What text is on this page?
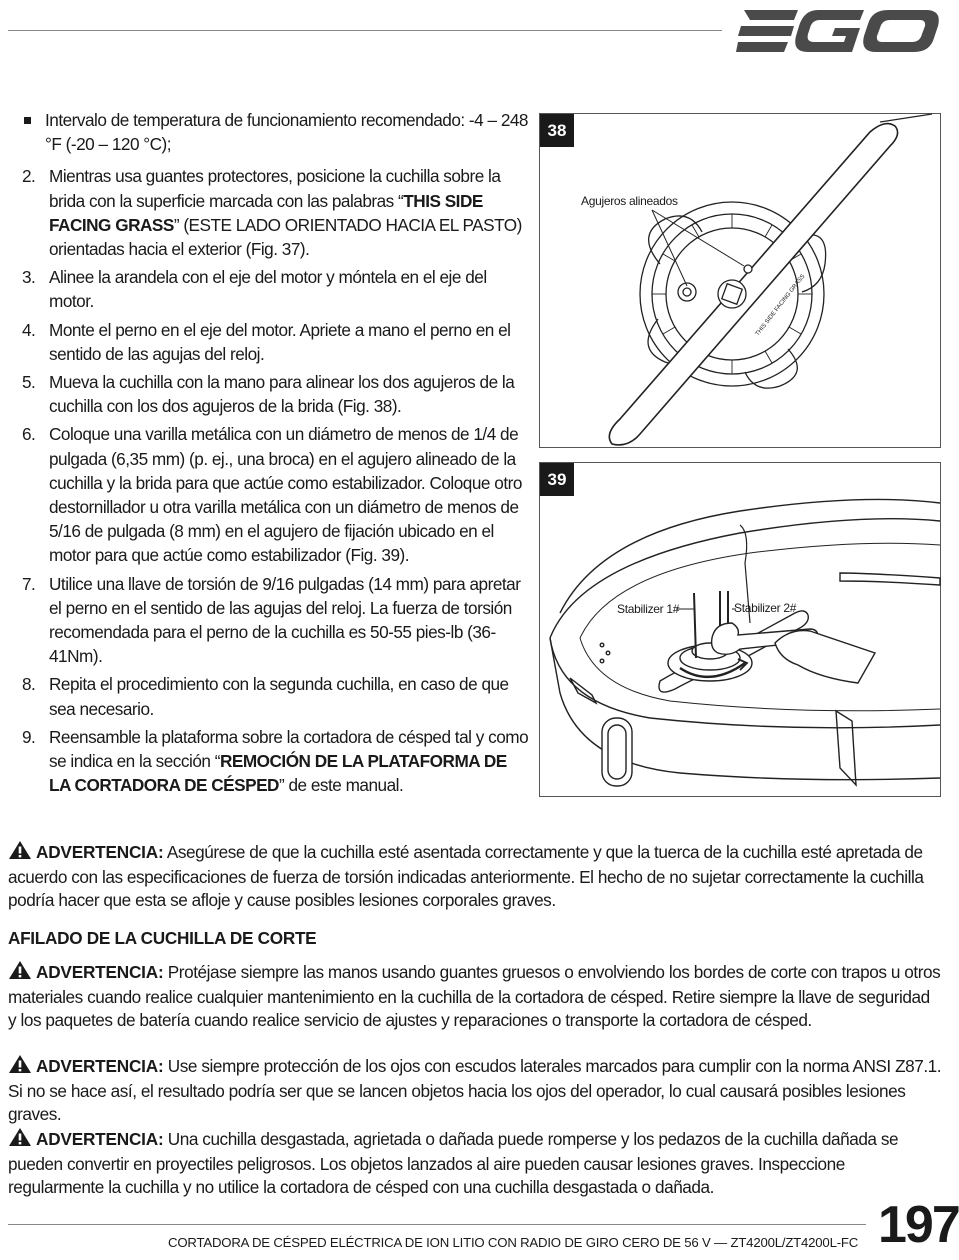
Intervalo de temperatura de funcionamiento recomendado: -4 – 248 °F (-20 – 120 °C);
2. Mientras usa guantes protectores, posicione la cuchilla sobre la brida con la superficie marcada con las palabras “THIS SIDE FACING GRASS” (ESTE LADO ORIENTADO HACIA EL PASTO) orientadas hacia el exterior (Fig. 37).
3. Alinee la arandela con el eje del motor y móntela en el eje del motor.
4. Monte el perno en el eje del motor. Apriete a mano el perno en el sentido de las agujas del reloj.
5. Mueva la cuchilla con la mano para alinear los dos agujeros de la cuchilla con los dos agujeros de la brida (Fig. 38).
6. Coloque una varilla metálica con un diámetro de menos de 1/4 de pulgada (6,35 mm) (p. ej., una broca) en el agujero alineado de la cuchilla y la brida para que actúe como estabilizador. Coloque otro destornillador u otra varilla metálica con un diámetro de menos de 5/16 de pulgada (8 mm) en el agujero de fijación ubicado en el motor para que actúe como estabilizador (Fig. 39).
7. Utilice una llave de torsión de 9/16 pulgadas (14 mm) para apretar el perno en el sentido de las agujas del reloj. La fuerza de torsión recomendada para el perno de la cuchilla es 50-55 pies-lb (36-41Nm).
8. Repita el procedimiento con la segunda cuchilla, en caso de que sea necesario.
9. Reensamble la plataforma sobre la cortadora de césped tal y como se indica en la sección “REMOCIÓN DE LA PLATAFORMA DE LA CORTADORA DE CÉSPED” de este manual.
THIS SIDE FACING GRASS
38
Agujeros alineados
39
Stabilizer 1#	Stabilizer 2#
ADVERTENCIA: Asegúrese de que la cuchilla esté asentada correctamente y que la tuerca de la cuchilla esté apretada de acuerdo con las especificaciones de fuerza de torsión indicadas anteriormente. El hecho de no sujetar correctamente la cuchilla podría hacer que esta se afloje y cause posibles lesiones corporales graves.
AFILADO DE LA CUCHILLA DE CORTE
ADVERTENCIA: Protéjase siempre las manos usando guantes gruesos o envolviendo los bordes de corte con trapos u otros materiales cuando realice cualquier mantenimiento en la cuchilla de la cortadora de césped. Retire siempre la llave de seguridad y los paquetes de batería cuando realice servicio de ajustes y reparaciones o transporte la cortadora de césped.
ADVERTENCIA: Use siempre protección de los ojos con escudos laterales marcados para cumplir con la norma ANSI Z87.1. Si no se hace así, el resultado podría ser que se lancen objetos hacia los ojos del operador, lo cual causará posibles lesiones graves.
ADVERTENCIA: Una cuchilla desgastada, agrietada o dañada puede romperse y los pedazos de la cuchilla dañada se pueden convertir en proyectiles peligrosos. Los objetos lanzados al aire pueden causar lesiones graves. Inspeccione regularmente la cuchilla y no utilice la cortadora de césped con una cuchilla desgastada o dañada.
CORTADORA DE CÉSPED ELÉCTRICA DE ION LITIO CON RADIO DE GIRO CERO DE 56 V — ZT4200L/ZT4200L-FC 197
